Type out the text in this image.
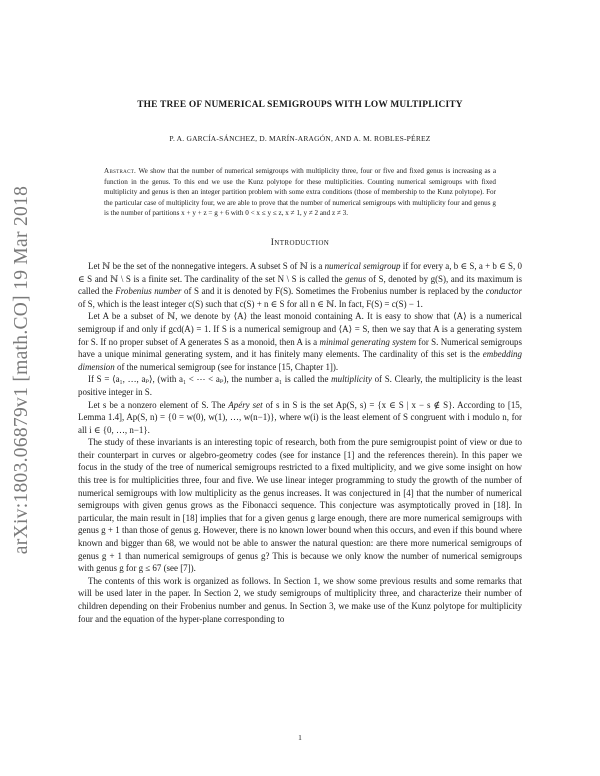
arXiv:1803.06879v1 [math.CO] 19 Mar 2018
THE TREE OF NUMERICAL SEMIGROUPS WITH LOW MULTIPLICITY

P. A. GARCÍA-SÁNCHEZ, D. MARÍN-ARAGÓN, AND A. M. ROBLES-PÉREZ

Abstract. We show that the number of numerical semigroups with multiplicity three, four or five and fixed genus is increasing as a function in the genus. To this end we use the Kunz polytope for these multiplicities. Counting numerical semigroups with fixed multiplicity and genus is then an integer partition problem with some extra conditions (those of membership to the Kunz polytope). For the particular case of multiplicity four, we are able to prove that the number of numerical semigroups with multiplicity four and genus g is the number of partitions x + y + z = g + 6 with 0 < x ≤ y ≤ z, x ≠ 1, y ≠ 2 and z ≠ 3.

Introduction

Let ℕ be the set of the nonnegative integers. A subset S of ℕ is a numerical semigroup if for every a, b ∈ S, a + b ∈ S, 0 ∈ S and ℕ \ S is a finite set. The cardinality of the set N \ S is called the genus of S, denoted by g(S), and its maximum is called the Frobenius number of S and it is denoted by F(S). Sometimes the Frobenius number is replaced by the conductor of S, which is the least integer c(S) such that c(S) + n ∈ S for all n ∈ ℕ. In fact, F(S) = c(S) − 1.

Let A be a subset of ℕ, we denote by ⟨A⟩ the least monoid containing A. It is easy to show that ⟨A⟩ is a numerical semigroup if and only if gcd(A) = 1. If S is a numerical semigroup and ⟨A⟩ = S, then we say that A is a generating system for S. If no proper subset of A generates S as a monoid, then A is a minimal generating system for S. Numerical semigroups have a unique minimal generating system, and it has finitely many elements. The cardinality of this set is the embedding dimension of the numerical semigroup (see for instance [15, Chapter 1]).

If S = ⟨a₁, …, aₚ⟩, (with a₁ < ⋯ < aₚ), the number a₁ is called the multiplicity of S. Clearly, the multiplicity is the least positive integer in S.

Let s be a nonzero element of S. The Apéry set of s in S is the set Ap(S, s) = {x ∈ S | x − s ∉ S}. According to [15, Lemma 1.4], Ap(S, n) = {0 = w(0), w(1), …, w(n−1)}, where w(i) is the least element of S congruent with i modulo n, for all i ∈ {0, …, n−1}.

The study of these invariants is an interesting topic of research, both from the pure semigroupist point of view or due to their counterpart in curves or algebro-geometry codes (see for instance [1] and the references therein). In this paper we focus in the study of the tree of numerical semigroups restricted to a fixed multiplicity, and we give some insight on how this tree is for multiplicities three, four and five. We use linear integer programming to study the growth of the number of numerical semigroups with low multiplicity as the genus increases. It was conjectured in [4] that the number of numerical semigroups with given genus grows as the Fibonacci sequence. This conjecture was asymptotically proved in [18]. In particular, the main result in [18] implies that for a given genus g large enough, there are more numerical semigroups with genus g + 1 than those of genus g. However, there is no known lower bound when this occurs, and even if this bound where known and bigger than 68, we would not be able to answer the natural question: are there more numerical semigroups of genus g + 1 than numerical semigroups of genus g? This is because we only know the number of numerical semigroups with genus g for g ≤ 67 (see [7]).

The contents of this work is organized as follows. In Section 1, we show some previous results and some remarks that will be used later in the paper. In Section 2, we study semigroups of multiplicity three, and characterize their number of children depending on their Frobenius number and genus. In Section 3, we make use of the Kunz polytope for multiplicity four and the equation of the hyper-plane corresponding to

1
